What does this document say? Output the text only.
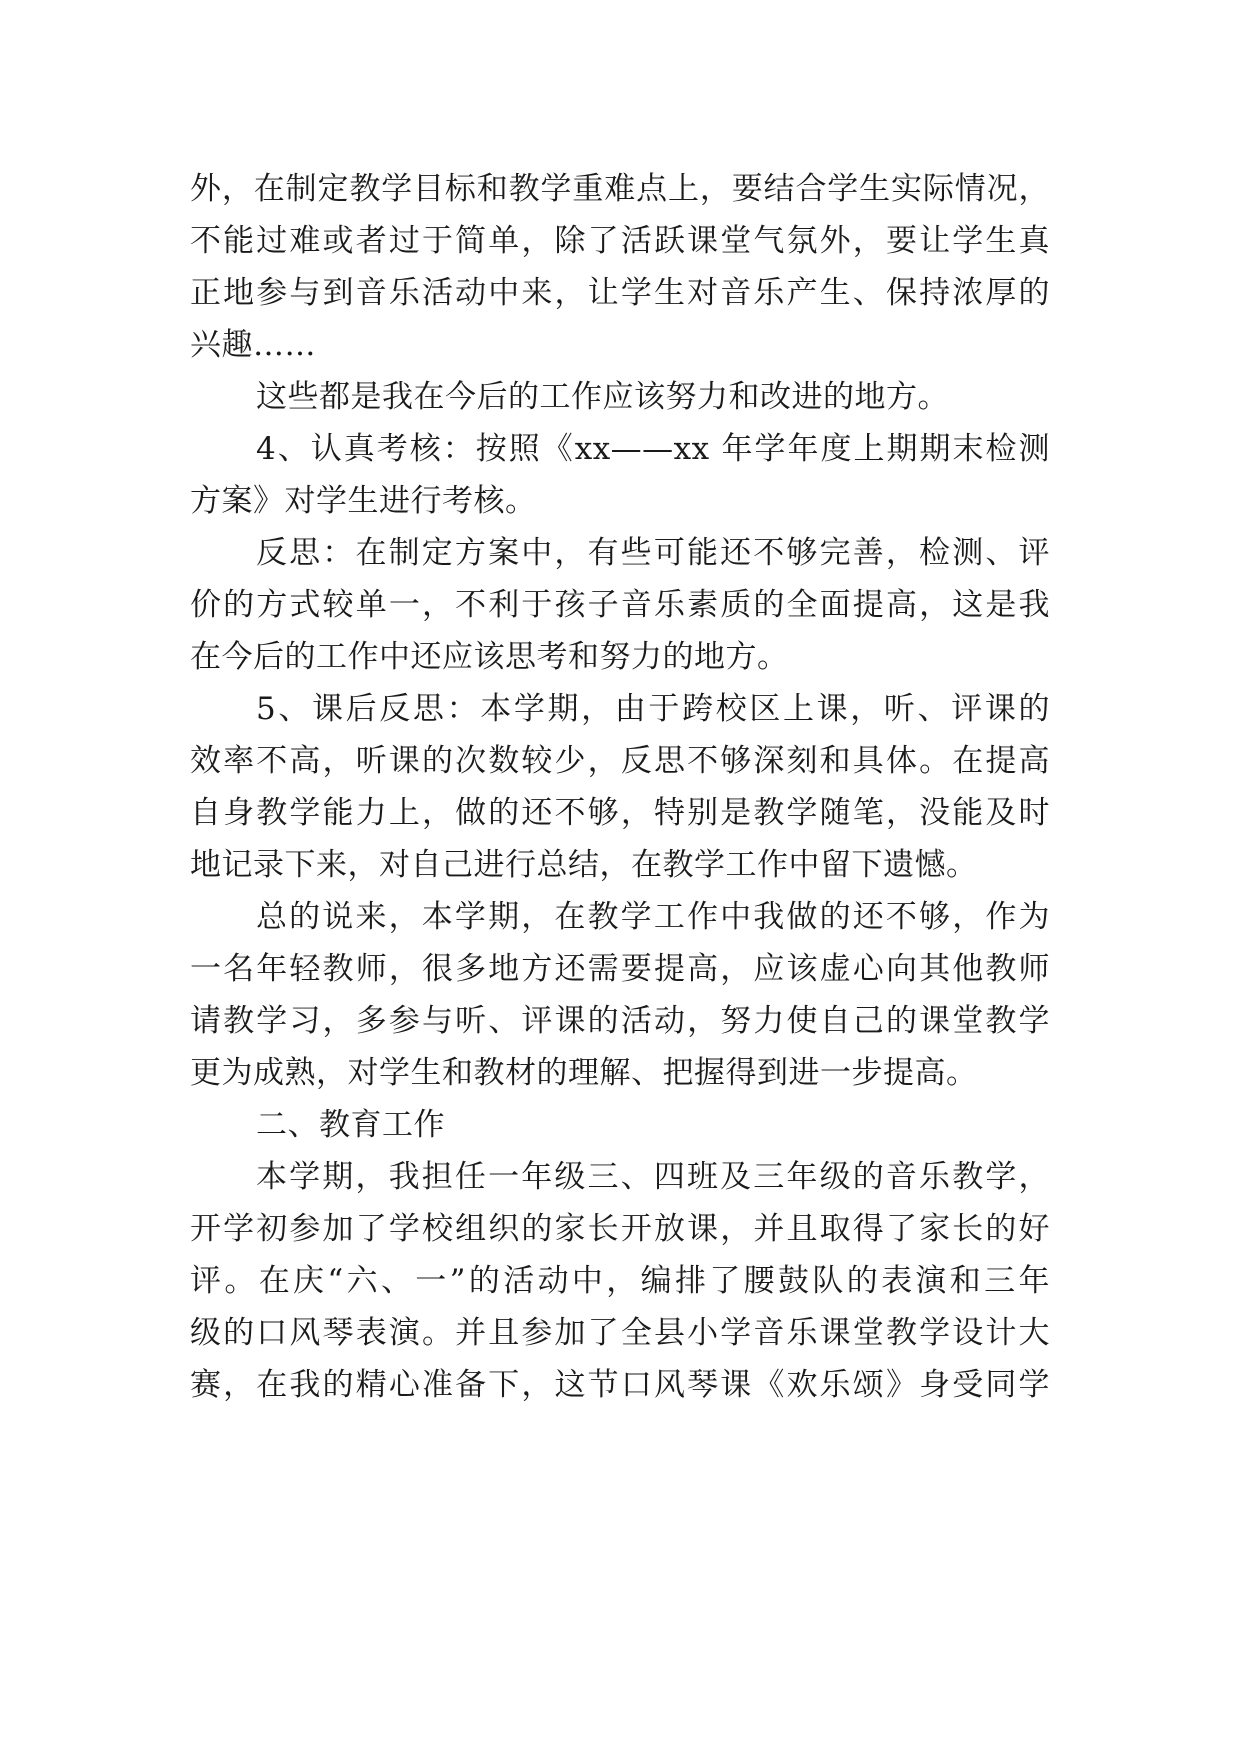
外，在制定教学目标和教学重难点上，要结合学生实际情况，
不能过难或者过于简单，除了活跃课堂气氛外，要让学生真
正地参与到音乐活动中来，让学生对音乐产生、保持浓厚的
兴趣……
这些都是我在今后的工作应该努力和改进的地方。
4、认真考核：按照《xx——xx 年学年度上期期末检测
方案》对学生进行考核。
反思：在制定方案中，有些可能还不够完善，检测、评
价的方式较单一，不利于孩子音乐素质的全面提高，这是我
在今后的工作中还应该思考和努力的地方。
5、课后反思：本学期，由于跨校区上课，听、评课的
效率不高，听课的次数较少，反思不够深刻和具体。在提高
自身教学能力上，做的还不够，特别是教学随笔，没能及时
地记录下来，对自己进行总结，在教学工作中留下遗憾。
总的说来，本学期，在教学工作中我做的还不够，作为
一名年轻教师，很多地方还需要提高，应该虚心向其他教师
请教学习，多参与听、评课的活动，努力使自己的课堂教学
更为成熟，对学生和教材的理解、把握得到进一步提高。
二、教育工作
本学期，我担任一年级三、四班及三年级的音乐教学，
开学初参加了学校组织的家长开放课，并且取得了家长的好
评。在庆“六、一”的活动中，编排了腰鼓队的表演和三年
级的口风琴表演。并且参加了全县小学音乐课堂教学设计大
赛，在我的精心准备下，这节口风琴课《欢乐颂》身受同学
